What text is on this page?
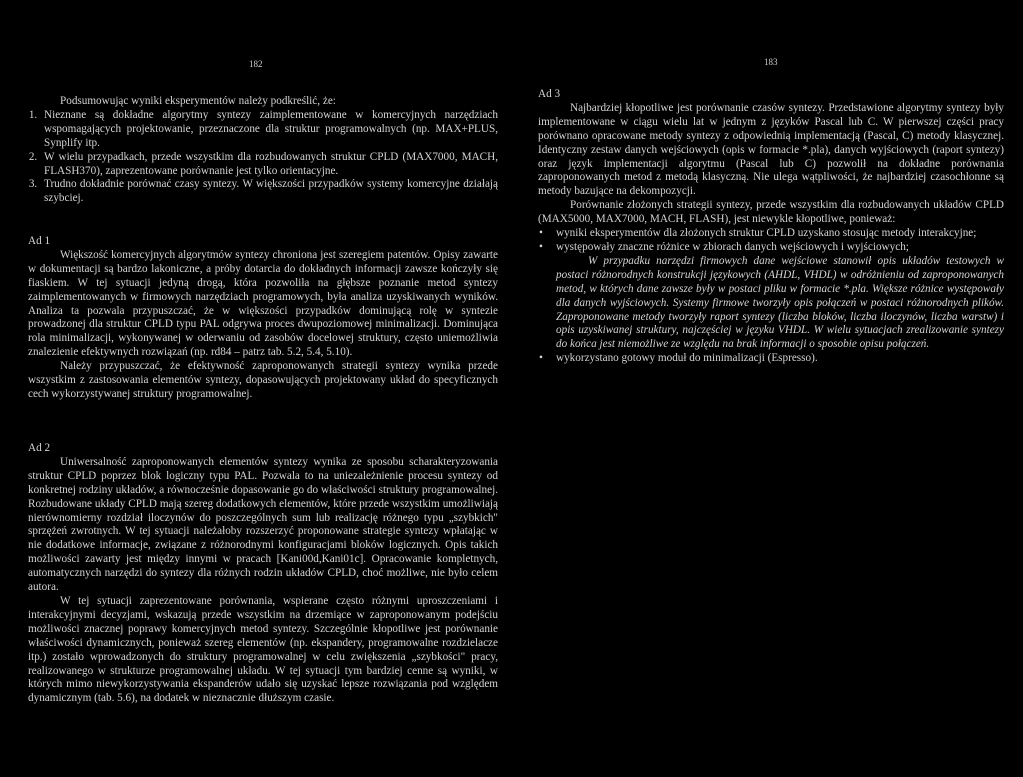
182

Podsumowując wyniki eksperymentów należy podkreślić, że:

1. Nieznane są dokładne algorytmy syntezy zaimplementowane w komercyjnych narzędziach wspomagających projektowanie, przeznaczone dla struktur programowalnych (np. MAX+PLUS, Synplify itp.
2. W wielu przypadkach, przede wszystkim dla rozbudowanych struktur CPLD (MAX7000, MACH, FLASH370), zaprezentowane porównanie jest tylko orientacyjne.
3. Trudno dokładnie porównać czasy syntezy. W większości przypadków systemy komercyjne działają szybciej.

Ad 1

Większość komercyjnych algorytmów syntezy chroniona jest szeregiem patentów. Opisy zawarte w dokumentacji są bardzo lakoniczne, a próby dotarcia do dokładnych informacji zawsze kończyły się fiaskiem. W tej sytuacji jedyną drogą, która pozwoliła na głębsze poznanie metod syntezy zaimplementowanych w firmowych narzędziach programowych, była analiza uzyskiwanych wyników. Analiza ta pozwala przypuszczać, że w większości przypadków dominującą rolę w syntezie prowadzonej dla struktur CPLD typu PAL odgrywa proces dwupoziomowej minimalizacji. Dominująca rola minimalizacji, wykonywanej w oderwaniu od zasobów docelowej struktury, często uniemożliwia znalezienie efektywnych rozwiązań (np. rd84 – patrz tab. 5.2, 5.4, 5.10).

Należy przypuszczać, że efektywność zaproponowanych strategii syntezy wynika przede wszystkim z zastosowania elementów syntezy, dopasowujących projektowany układ do specyficznych cech wykorzystywanej struktury programowalnej.

Ad 2

Uniwersalność zaproponowanych elementów syntezy wynika ze sposobu scharakteryzowania struktur CPLD poprzez blok logiczny typu PAL. Pozwala to na uniezależnienie procesu syntezy od konkretnej rodziny układów, a równocześnie dopasowanie go do właściwości struktury programowalnej. Rozbudowane układy CPLD mają szereg dodatkowych elementów, które przede wszystkim umożliwiają nierównomierny rozdział iloczynów do poszczególnych sum lub realizację różnego typu „szybkich" sprzężeń zwrotnych. W tej sytuacji należałoby rozszerzyć proponowane strategie syntezy wpłatając w nie dodatkowe informacje, związane z różnorodnymi konfiguracjami bloków logicznych. Opis takich możliwości zawarty jest między innymi w pracach [Kani00d,Kani01c]. Opracowanie kompletnych, automatycznych narzędzi do syntezy dla różnych rodzin układów CPLD, choć możliwe, nie było celem autora.

W tej sytuacji zaprezentowane porównania, wspierane często różnymi uproszczeniami i interakcyjnymi decyzjami, wskazują przede wszystkim na drzemiące w zaproponowanym podejściu możliwości znacznej poprawy komercyjnych metod syntezy. Szczególnie kłopotliwe jest porównanie właściwości dynamicznych, ponieważ szereg elementów (np. ekspandery, programowalne rozdzielacze itp.) zostało wprowadzonych do struktury programowalnej w celu zwiększenia „szybkości" pracy, realizowanego w strukturze programowalnej układu. W tej sytuacji tym bardziej cenne są wyniki, w których mimo niewykorzystywania ekspanderów udało się uzyskać lepsze rozwiązania pod względem dynamicznym (tab. 5.6), na dodatek w nieznacznie dłuższym czasie.

183

Ad 3

Najbardziej kłopotliwe jest porównanie czasów syntezy. Przedstawione algorytmy syntezy były implementowane w ciągu wielu lat w jednym z języków Pascal lub C. W pierwszej części pracy porównano opracowane metody syntezy z odpowiednią implementacją (Pascal, C) metody klasycznej. Identyczny zestaw danych wejściowych (opis w formacie *.pla), danych wyjściowych (raport syntezy) oraz język implementacji algorytmu (Pascal lub C) pozwolił na dokładne porównania zaproponowanych metod z metodą klasyczną. Nie ulega wątpliwości, że najbardziej czasochłonne są metody bazujące na dekompozycji.

Porównanie złożonych strategii syntezy, przede wszystkim dla rozbudowanych układów CPLD (MAX5000, MAX7000, MACH, FLASH), jest niewykle kłopotliwe, ponieważ:

• wyniki eksperymentów dla złożonych struktur CPLD uzyskano stosując metody interakcyjne;
• występowały znaczne różnice w zbiorach danych wejściowych i wyjściowych;

W przypadku narzędzi firmowych dane wejściowe stanowił opis układów testowych w postaci różnorodnych konstrukcji językowych (AHDL, VHDL) w odróżnieniu od zaproponowanych metod, w których dane zawsze były w postaci pliku w formacie *.pla. Większe różnice występowały dla danych wyjściowych. Systemy firmowe tworzyły opis połączeń w postaci różnorodnych plików. Zaproponowane metody tworzyły raport syntezy (liczba bloków, liczba iloczynów, liczba warstw) i opis uzyskiwanej struktury, najczęściej w języku VHDL. W wielu sytuacjach zrealizowanie syntezy do końca jest niemożliwe ze względu na brak informacji o sposobie opisu połączeń.

• wykorzystano gotowy moduł do minimalizacji (Espresso).
